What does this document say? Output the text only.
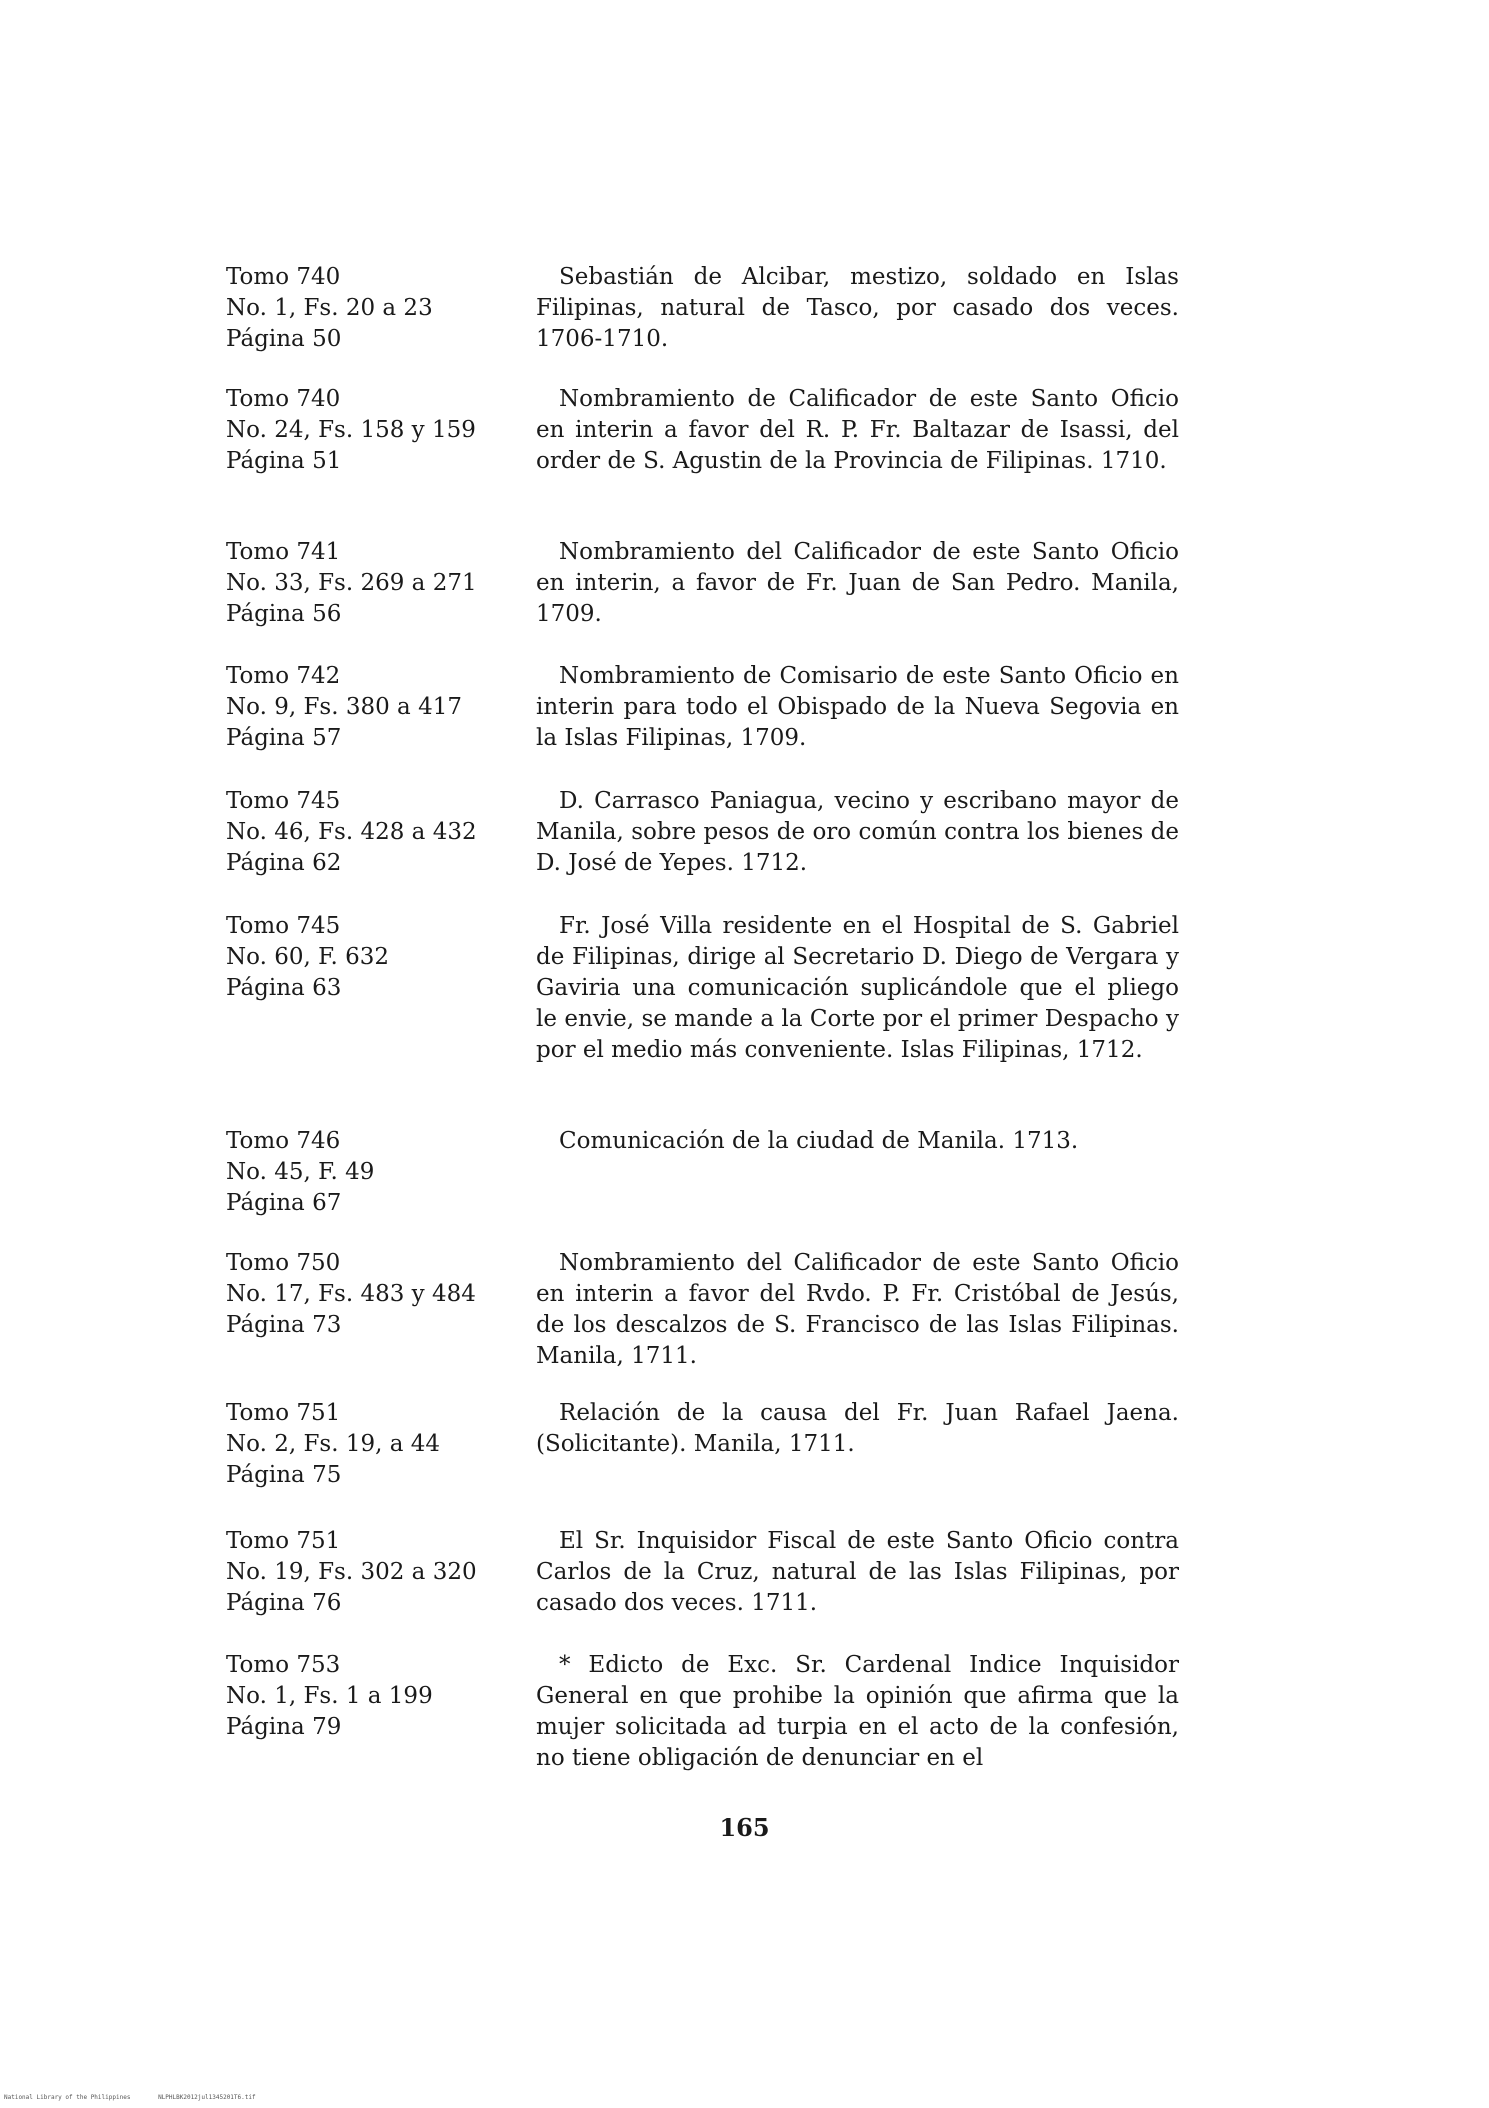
Tomo 740
No. 1, Fs. 20 a 23
Página 50

Sebastián de Alcibar, mestizo, soldado en Islas Filipinas, natural de Tasco, por casado dos veces. 1706-1710.

Tomo 740
No. 24, Fs. 158 y 159
Página 51

Nombramiento de Calificador de este Santo Oficio en interin a favor del R. P. Fr. Baltazar de Isassi, del order de S. Agustin de la Provincia de Filipinas. 1710.

Tomo 741
No. 33, Fs. 269 a 271
Página 56

Nombramiento del Calificador de este Santo Oficio en interin, a favor de Fr. Juan de San Pedro. Manila, 1709.

Tomo 742
No. 9, Fs. 380 a 417
Página 57

Nombramiento de Comisario de este Santo Oficio en interin para todo el Obispado de la Nueva Segovia en la Islas Filipinas, 1709.

Tomo 745
No. 46, Fs. 428 a 432
Página 62

D. Carrasco Paniagua, vecino y escribano mayor de Manila, sobre pesos de oro común contra los bienes de D. José de Yepes. 1712.

Tomo 745
No. 60, F. 632
Página 63

Fr. José Villa residente en el Hospital de S. Gabriel de Filipinas, dirige al Secretario D. Diego de Vergara y Gaviria una comunicación suplicándole que el pliego le envie, se mande a la Corte por el primer Despacho y por el medio más conveniente. Islas Filipinas, 1712.

Tomo 746
No. 45, F. 49
Página 67

Comunicación de la ciudad de Manila. 1713.

Tomo 750
No. 17, Fs. 483 y 484
Página 73

Nombramiento del Calificador de este Santo Oficio en interin a favor del Rvdo. P. Fr. Cristóbal de Jesús, de los descalzos de S. Francisco de las Islas Filipinas. Manila, 1711.

Tomo 751
No. 2, Fs. 19, a 44
Página 75

Relación de la causa del Fr. Juan Rafael Jaena. (Solicitante). Manila, 1711.

Tomo 751
No. 19, Fs. 302 a 320
Página 76

El Sr. Inquisidor Fiscal de este Santo Oficio contra Carlos de la Cruz, natural de las Islas Filipinas, por casado dos veces. 1711.

Tomo 753
No. 1, Fs. 1 a 199
Página 79

* Edicto de Exc. Sr. Cardenal Indice Inquisidor General en que prohibe la opinión que afirma que la mujer solicitada ad turpia en el acto de la confesión, no tiene obligación de denunciar en el

165
National Library of the Philippines	NLPHLBK2012jul1345201T6.tif
